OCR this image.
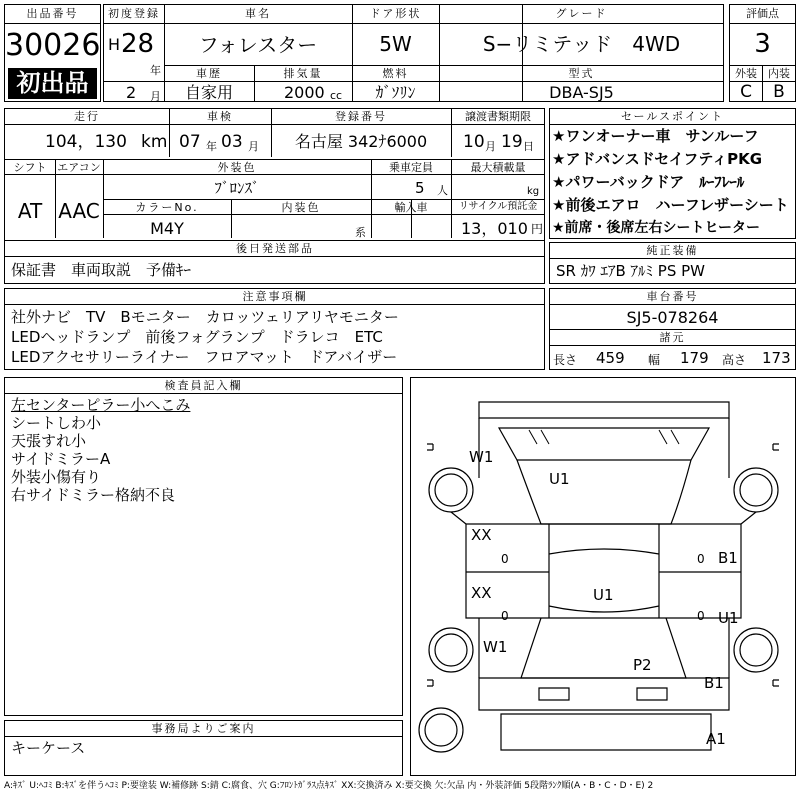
出品番号
30026
初出品
初度登録
H 28
年
2 月
車名
フォレスター
ドア形状
5W
グレード
S−リミテッド　4WD
車歴
自家用
排気量
2000 cc
燃料
ｶﾞｿﾘﾝ
型式
DBA-SJ5
評価点
3
外装	内装
C	B
走行
104，130 km
車検
07 年 03 月
登録番号
名古屋 342ﾅ6000
譲渡書類期限
10 月 19 日
シフト
AT
エアコン
AAC
外装色
ﾌﾞﾛﾝｽﾞ
乗車定員
5 人
最大積載量
kg
カラーNo.
M4Y
内装色
系
輸入車	リサイクル預託金
13，010 円
後日発送部品
保証書　車両取説　予備ｷｰ
セールスポイント
★ワンオーナー車　サンルーフ
★アドバンスドセイフティPKG
★パワーバックドア　ﾙｰﾌﾚｰﾙ
★前後エアロ　ハーフレザーシート
★前席・後席左右シートヒーター
純正装備
SR ｶﾜ ｴｱB ｱﾙﾐ PS PW
注意事項欄
社外ナビ　TV　Bモニター　カロッツェリアリヤモニター
LEDヘッドランプ　前後フォグランプ　ドラレコ　ETC
LEDアクセサリーライナー　フロアマット　ドアバイザー
車台番号
SJ5-078264
諸元
長さ 459 幅 179 高さ 173
検査員記入欄
左センターピラー小へこみ
シートしわ小
天張すれ小
サイドミラーA
外装小傷有り
右サイドミラー格納不良
事務局よりご案内
キーケース
W1
U1
XX
XX	U1
W1
P2
B1
U1
B1
A1
0
0
0
0
A:ｷｽﾞ U:ﾍｺﾐ B:ｷｽﾞを伴うﾍｺﾐ P:要塗装 W:補修跡 S:錆 C:腐食、穴 G:ﾌﾛﾝﾄｶﾞﾗｽ点ｷｽﾞ XX:交換済み X:要交換 欠:欠品 内・外装評価 5段階ﾗﾝｸ順(A・B・C・D・E) 2
